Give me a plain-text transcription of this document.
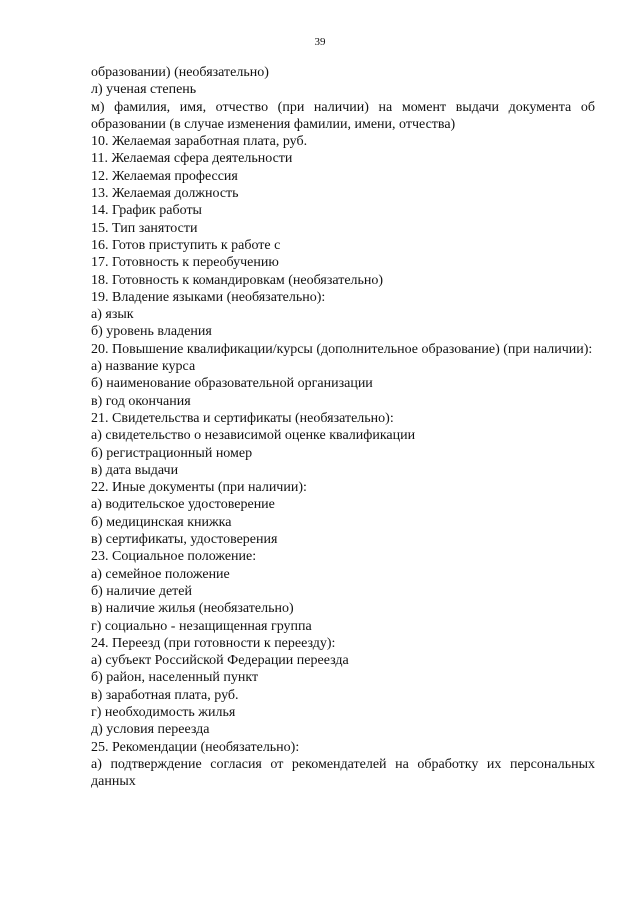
39
образовании) (необязательно)
л) ученая степень
м) фамилия, имя, отчество (при наличии) на момент выдачи документа об образовании (в случае изменения фамилии, имени, отчества)
10. Желаемая заработная плата, руб.
11. Желаемая сфера деятельности
12. Желаемая профессия
13. Желаемая должность
14. График работы
15. Тип занятости
16. Готов приступить к работе с
17. Готовность к переобучению
18. Готовность к командировкам (необязательно)
19. Владение языками (необязательно):
а) язык
б) уровень владения
20. Повышение квалификации/курсы (дополнительное образование) (при наличии):
а) название курса
б) наименование образовательной организации
в) год окончания
21. Свидетельства и сертификаты (необязательно):
а) свидетельство о независимой оценке квалификации
б) регистрационный номер
в) дата выдачи
22. Иные документы (при наличии):
а) водительское удостоверение
б) медицинская книжка
в) сертификаты, удостоверения
23. Социальное положение:
а) семейное положение
б) наличие детей
в) наличие жилья (необязательно)
г) социально - незащищенная группа
24. Переезд (при готовности к переезду):
а) субъект Российской Федерации переезда
б) район, населенный пункт
в) заработная плата, руб.
г) необходимость жилья
д) условия переезда
25. Рекомендации (необязательно):
а) подтверждение согласия от рекомендателей на обработку их персональных данных
